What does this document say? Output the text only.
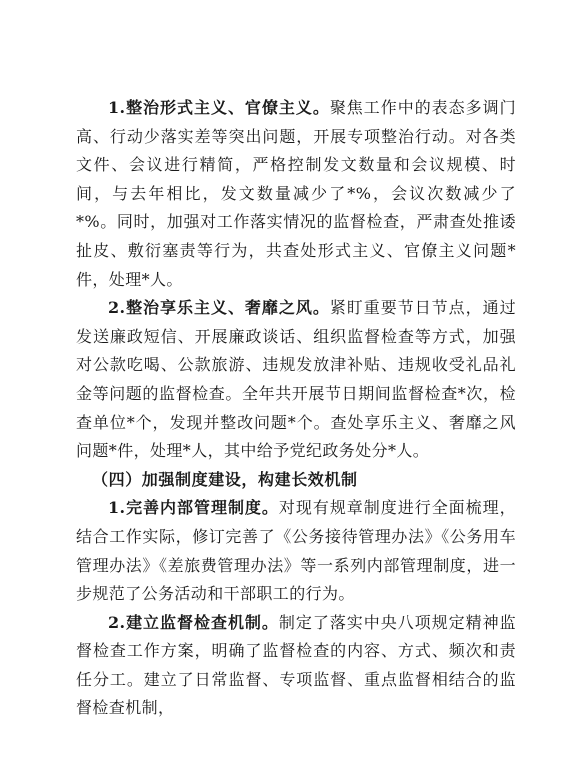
1.整治形式主义、官僚主义。聚焦工作中的表态多调门高、行动少落实差等突出问题，开展专项整治行动。对各类文件、会议进行精简，严格控制发文数量和会议规模、时间，与去年相比，发文数量减少了*%，会议次数减少了*%。同时，加强对工作落实情况的监督检查，严肃查处推诿扯皮、敷衍塞责等行为，共查处形式主义、官僚主义问题*件，处理*人。

2.整治享乐主义、奢靡之风。紧盯重要节日节点，通过发送廉政短信、开展廉政谈话、组织监督检查等方式，加强对公款吃喝、公款旅游、违规发放津补贴、违规收受礼品礼金等问题的监督检查。全年共开展节日期间监督检查*次，检查单位*个，发现并整改问题*个。查处享乐主义、奢靡之风问题*件，处理*人，其中给予党纪政务处分*人。

（四）加强制度建设，构建长效机制

1.完善内部管理制度。对现有规章制度进行全面梳理，结合工作实际，修订完善了《公务接待管理办法》《公务用车管理办法》《差旅费管理办法》等一系列内部管理制度，进一步规范了公务活动和干部职工的行为。

2.建立监督检查机制。制定了落实中央八项规定精神监督检查工作方案，明确了监督检查的内容、方式、频次和责任分工。建立了日常监督、专项监督、重点监督相结合的监督检查机制，
